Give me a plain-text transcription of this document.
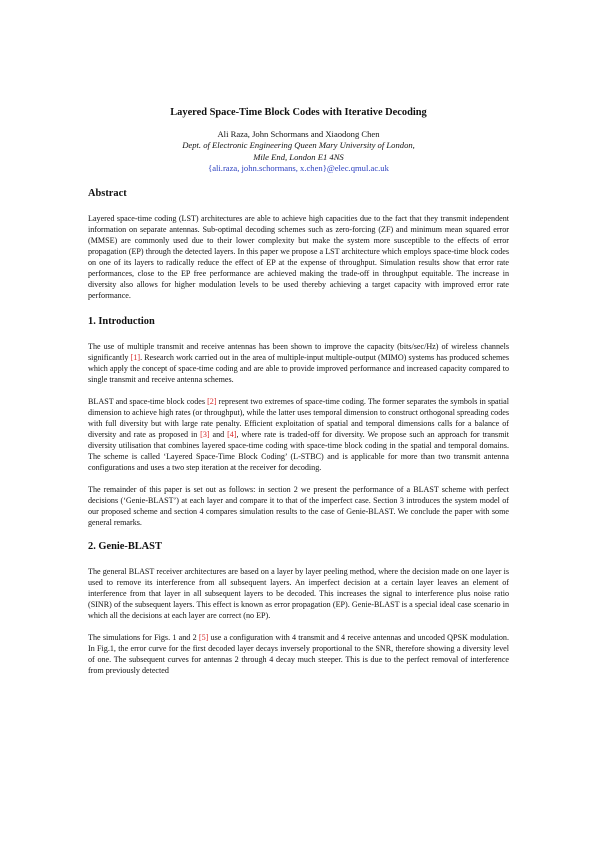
Layered Space-Time Block Codes with Iterative Decoding

Ali Raza, John Schormans and Xiaodong Chen
Dept. of Electronic Engineering Queen Mary University of London,
Mile End, London E1 4NS
{ali.raza, john.schormans, x.chen}@elec.qmul.ac.uk
Abstract

Layered space-time coding (LST) architectures are able to achieve high capacities due to the fact that they transmit independent information on separate antennas. Sub-optimal decoding schemes such as zero-forcing (ZF) and minimum mean squared error (MMSE) are commonly used due to their lower complexity but make the system more susceptible to the effects of error propagation (EP) through the detected layers. In this paper we propose a LST architecture which employs space-time block codes on one of its layers to radically reduce the effect of EP at the expense of throughput. Simulation results show that error rate performances, close to the EP free performance are achieved making the trade-off in throughput equitable. The increase in diversity also allows for higher modulation levels to be used thereby achieving a target capacity with improved error rate performance.

1. Introduction

The use of multiple transmit and receive antennas has been shown to improve the capacity (bits/sec/Hz) of wireless channels significantly [1]. Research work carried out in the area of multiple-input multiple-output (MIMO) systems has produced schemes which apply the concept of space-time coding and are able to provide improved performance and increased capacity compared to single transmit and receive antenna schemes.

BLAST and space-time block codes [2] represent two extremes of space-time coding. The former separates the symbols in spatial dimension to achieve high rates (or throughput), while the latter uses temporal dimension to construct orthogonal spreading codes with full diversity but with large rate penalty. Efficient exploitation of spatial and temporal dimensions calls for a balance of diversity and rate as proposed in [3] and [4], where rate is traded-off for diversity. We propose such an approach for transmit diversity utilisation that combines layered space-time coding with space-time block coding in the spatial and temporal domains. The scheme is called ‘Layered Space-Time Block Coding’ (L-STBC) and is applicable for more than two transmit antenna configurations and uses a two step iteration at the receiver for decoding.

The remainder of this paper is set out as follows: in section 2 we present the performance of a BLAST scheme with perfect decisions (‘Genie-BLAST’) at each layer and compare it to that of the imperfect case. Section 3 introduces the system model of our proposed scheme and section 4 compares simulation results to the case of Genie-BLAST. We conclude the paper with some general remarks.

2. Genie-BLAST

The general BLAST receiver architectures are based on a layer by layer peeling method, where the decision made on one layer is used to remove its interference from all subsequent layers. An imperfect decision at a certain layer leaves an element of interference from that layer in all subsequent layers to be decoded. This increases the signal to interference plus noise ratio (SINR) of the subsequent layers. This effect is known as error propagation (EP). Genie-BLAST is a special ideal case scenario in which all the decisions at each layer are correct (no EP).

The simulations for Figs. 1 and 2 [5] use a configuration with 4 transmit and 4 receive antennas and uncoded QPSK modulation. In Fig.1, the error curve for the first decoded layer decays inversely proportional to the SNR, therefore showing a diversity level of one. The subsequent curves for antennas 2 through 4 decay much steeper. This is due to the perfect removal of interference from previously detected
